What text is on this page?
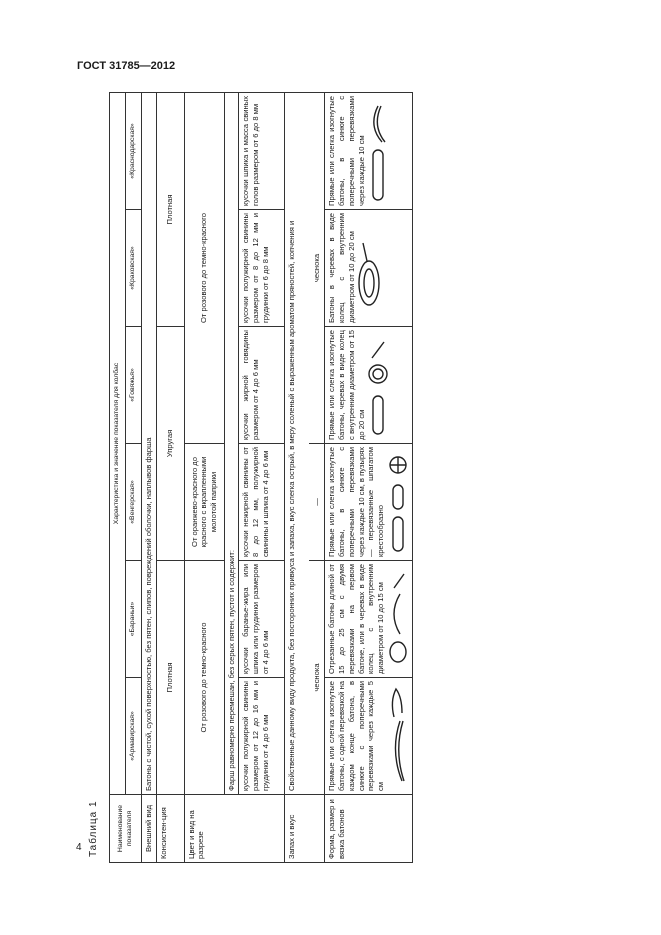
ГОСТ 31785—2012
4 Таблица 1	Наименование показателя	Характеристика и значение показателя для колбас					
	«Армавирская»	«Бараньи»	«Венгерская»	«Говяжья»	«Краковская»	«Краснодарская»
Внешний вид	Батоны с чистой, сухой поверхностью, без пятен, слипов, повреждений оболочки, наплывов фарша					
Консистен-ция	Плотная		Упругая		Плотная	
Цвет и вид на разрезе	От розового до темно-красного		От оранжево-красного до красного с вкрапленными молотой паприки	От розового до темно-красного		
	Фарш равномерно перемешан, без серых пятен, пустот и содержит:					
	кусочки полужирной свинины размером от 12 до 16 мм и грудинки от 4 до 6 мм	кусочки баранье-жира или шпика или грудинки размером от 4 до 6 мм	кусочки нежирной свинины от 8 до 12 мм, полужирной свинины и шпика от 4 до 6 мм	кусочки жирной говядины размером от 4 до 6 мм	кусочки полужирной свинины размером от 8 до 12 мм и грудинки от 6 до 8 мм	кусочки шпика и масса свиных голов размером от 6 до 8 мм
Запах и вкус	Свойственные данному виду продукта, без посторонних привкуса и запаха, вкус слегка острый, в меру соленый с выраженным ароматом пряностей, копчения и					
	чеснока		—	чеснока		
Форма, размер и вязка батонов	Прямые или слегка изогнутые батоны, с одной перевязкой на каждом конце батона, в синюге с поперечными перевязками через каждые 5 см	Отрезанные батоны длиной от 15 до 25 см с двумя перевязками на первом батоне, или в черевах в виде колец с внутренним диаметром от 10 до 15 см	Прямые или слегка изогнутые батоны, в синюге с поперечными перевязками через каждые 10 см, в пузырях — перевязанные шпагатом крестообразно	Прямые или слегка изогнутые батоны, черевах в виде колец с внутренним диаметром от 15 до 20 см	Батоны в черевах в виде колец с внутренним диаметром от 10 до 20 см	Прямые или слегка изогнутые батоны, в синюге с поперечными перевязками через каждые 10 см
